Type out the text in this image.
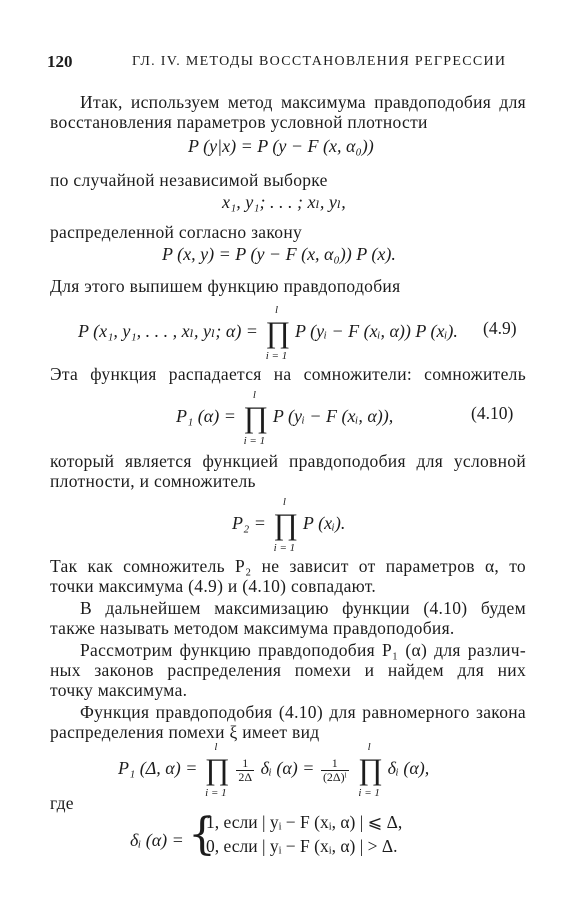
120	ГЛ. IV. МЕТОДЫ ВОССТАНОВЛЕНИЯ РЕГРЕССИИ
Итак, используем метод максимума правдоподобия для
восстановления параметров условной плотности
P (y|x) = P (y − F (x, α₀))
по случайной независимой выборке
x₁, y₁; . . . ; xₗ, yₗ,
распределенной согласно закону
P (x, y) = P (y − F (x, α₀)) P (x).
Для этого выпишем функцию правдоподобия
P (x₁, y₁, . . . , xₗ, yₗ; α) =
l
∏
i = 1
P (yᵢ − F (xᵢ, α)) P (xᵢ). (4.9)
Эта функция распадается на сомножители: сомножитель
P₁ (α) =
l
∏
i = 1
P (yᵢ − F (xᵢ, α)),	(4.10)
который является функцией правдоподобия для условной
плотности, и сомножитель
P₂ =
l
∏
i = 1
P (xᵢ).
Так как сомножитель P₂ не зависит от параметров α, то
точки максимума (4.9) и (4.10) совпадают.
В дальнейшем максимизацию функции (4.10) будем
также называть методом максимума правдоподобия.
Рассмотрим функцию правдоподобия P₁ (α) для различ-
ных законов распределения помехи и найдем для них
точку максимума.
Функция правдоподобия (4.10) для равномерного закона
распределения помехи ξ имеет вид
P₁ (Δ, α) =
l
∏
i = 1

$\frac{1}{2\Delta}$ δᵢ $(\alpha) = \frac{1}{\text{(2Δ)ˡ}}$

l
∏
i = 1
δᵢ (α),
где
δᵢ (α) = {
1, если | yᵢ − F (xᵢ, α) | ⩽ Δ,
0, если | yᵢ − F (xᵢ, α) | > Δ.
